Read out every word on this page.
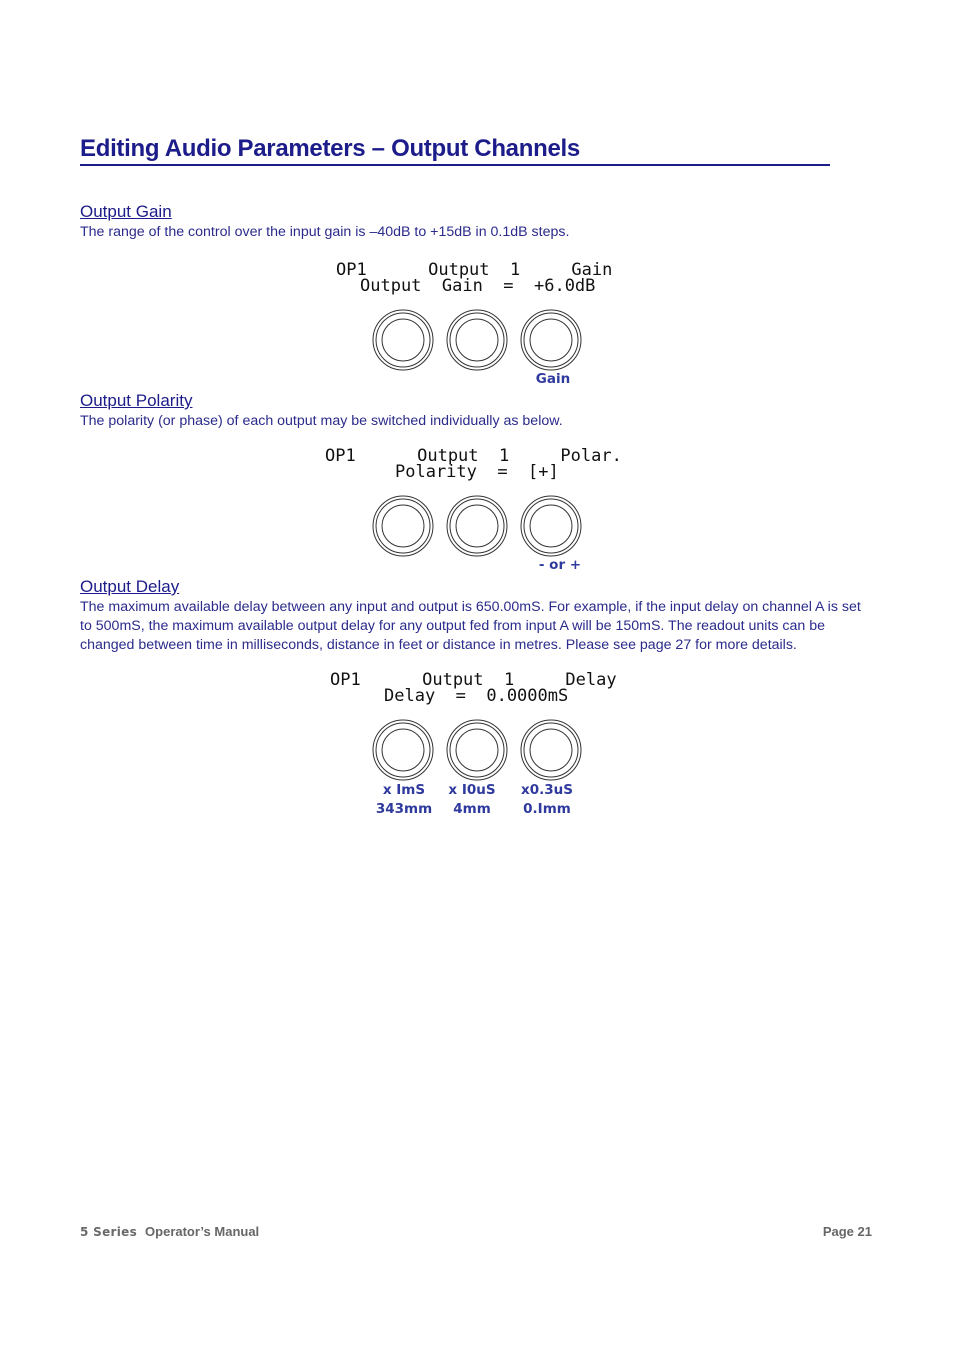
Editing Audio Parameters – Output Channels
Output Gain
The range of the control over the input gain is –40dB to +15dB in 0.1dB steps.
OP1      Output  1     Gain
Output  Gain  =  +6.0dB
Gain
Output Polarity
The polarity (or phase) of each output may be switched individually as below.
OP1      Output  1     Polar.
Polarity  =  [+]
- or +
Output Delay
The maximum available delay between any input and output is 650.00mS. For example, if the input delay on channel A is set to 500mS, the maximum available output delay for any output fed from input A will be 150mS. The readout units can be changed between time in milliseconds, distance in feet or distance in metres. Please see page 27 for more details.
OP1      Output  1     Delay
Delay  =  0.0000mS
x ImS
343mm
x I0uS
4mm
x0.3uS
0.Imm
5 Series Operator’s Manual	Page 21
